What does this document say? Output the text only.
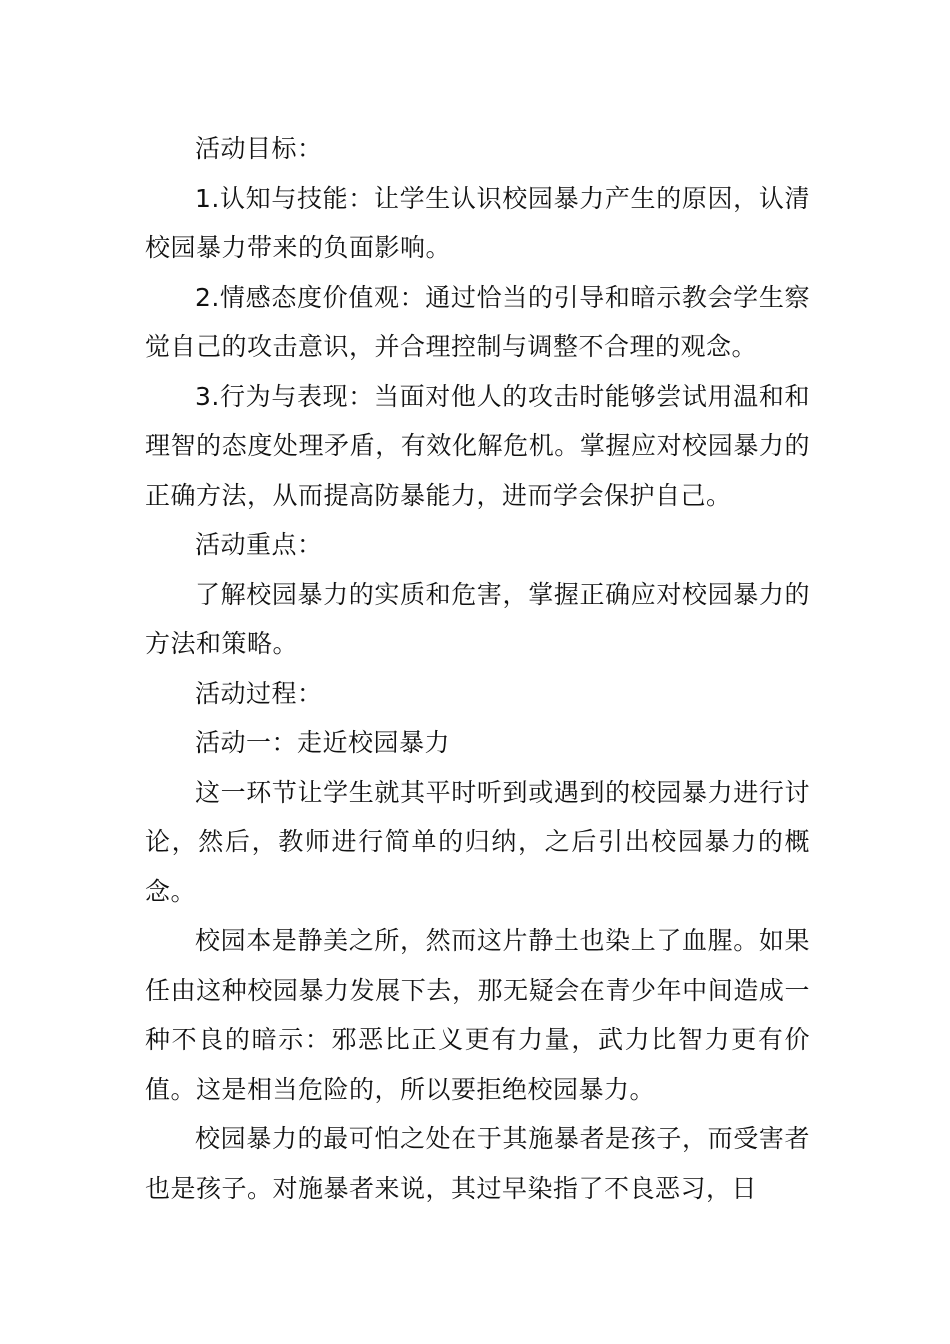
活动目标：

1.认知与技能：让学生认识校园暴力产生的原因，认清校园暴力带来的负面影响。

2.情感态度价值观：通过恰当的引导和暗示教会学生察觉自己的攻击意识，并合理控制与调整不合理的观念。

3.行为与表现：当面对他人的攻击时能够尝试用温和和理智的态度处理矛盾，有效化解危机。掌握应对校园暴力的正确方法，从而提高防暴能力，进而学会保护自己。

活动重点：

了解校园暴力的实质和危害，掌握正确应对校园暴力的方法和策略。

活动过程：

活动一：走近校园暴力

这一环节让学生就其平时听到或遇到的校园暴力进行讨论，然后，教师进行简单的归纳，之后引出校园暴力的概念。

校园本是静美之所，然而这片静土也染上了血腥。如果任由这种校园暴力发展下去，那无疑会在青少年中间造成一种不良的暗示：邪恶比正义更有力量，武力比智力更有价值。这是相当危险的，所以要拒绝校园暴力。

校园暴力的最可怕之处在于其施暴者是孩子，而受害者也是孩子。对施暴者来说，其过早染指了不良恶习，日
